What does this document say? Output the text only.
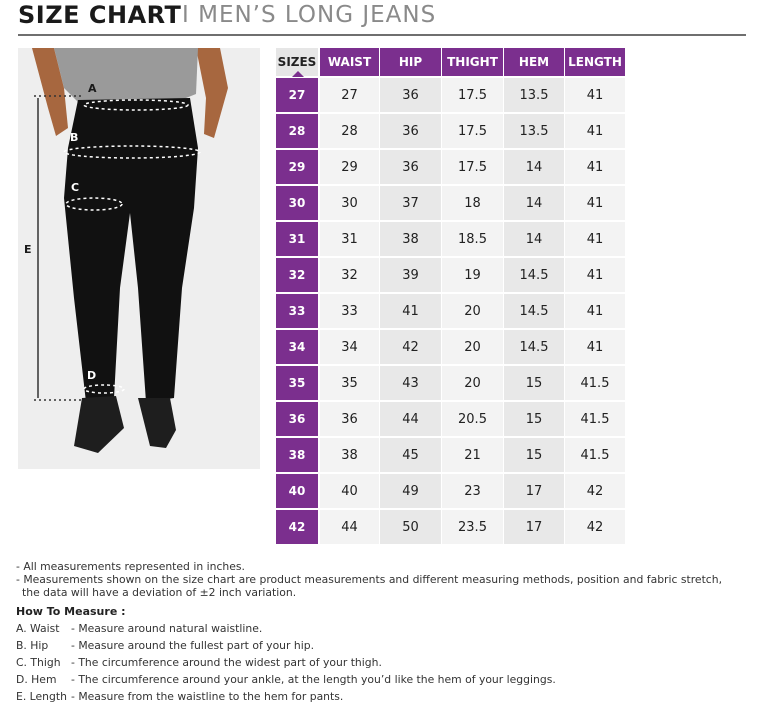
SIZE CHART I MEN’S LONG JEANS
A
B
C
D
E
SIZES	WAIST	HIP	THIGHT	HEM	LENGTH
27	27	36	17.5	13.5	41
28	28	36	17.5	13.5	41
29	29	36	17.5	14	41
30	30	37	18	14	41
31	31	38	18.5	14	41
32	32	39	19	14.5	41
33	33	41	20	14.5	41
34	34	42	20	14.5	41
35	35	43	20	15	41.5
36	36	44	20.5	15	41.5
38	38	45	21	15	41.5
40	40	49	23	17	42
42	44	50	23.5	17	42

- All measurements represented in inches.

- Measurements shown on the size chart are product measurements and different measuring methods, position and fabric stretch,

the data will have a deviation of ±2 inch variation.

How To Measure :

A. Waist	- Measure around natural waistline.

B. Hip	- Measure around the fullest part of your hip.

C. Thigh - The circumference around the widest part of your thigh.

D. Hem	- The circumference around your ankle, at the length you’d like the hem of your leggings.

E. Length - Measure from the waistline to the hem for pants.
